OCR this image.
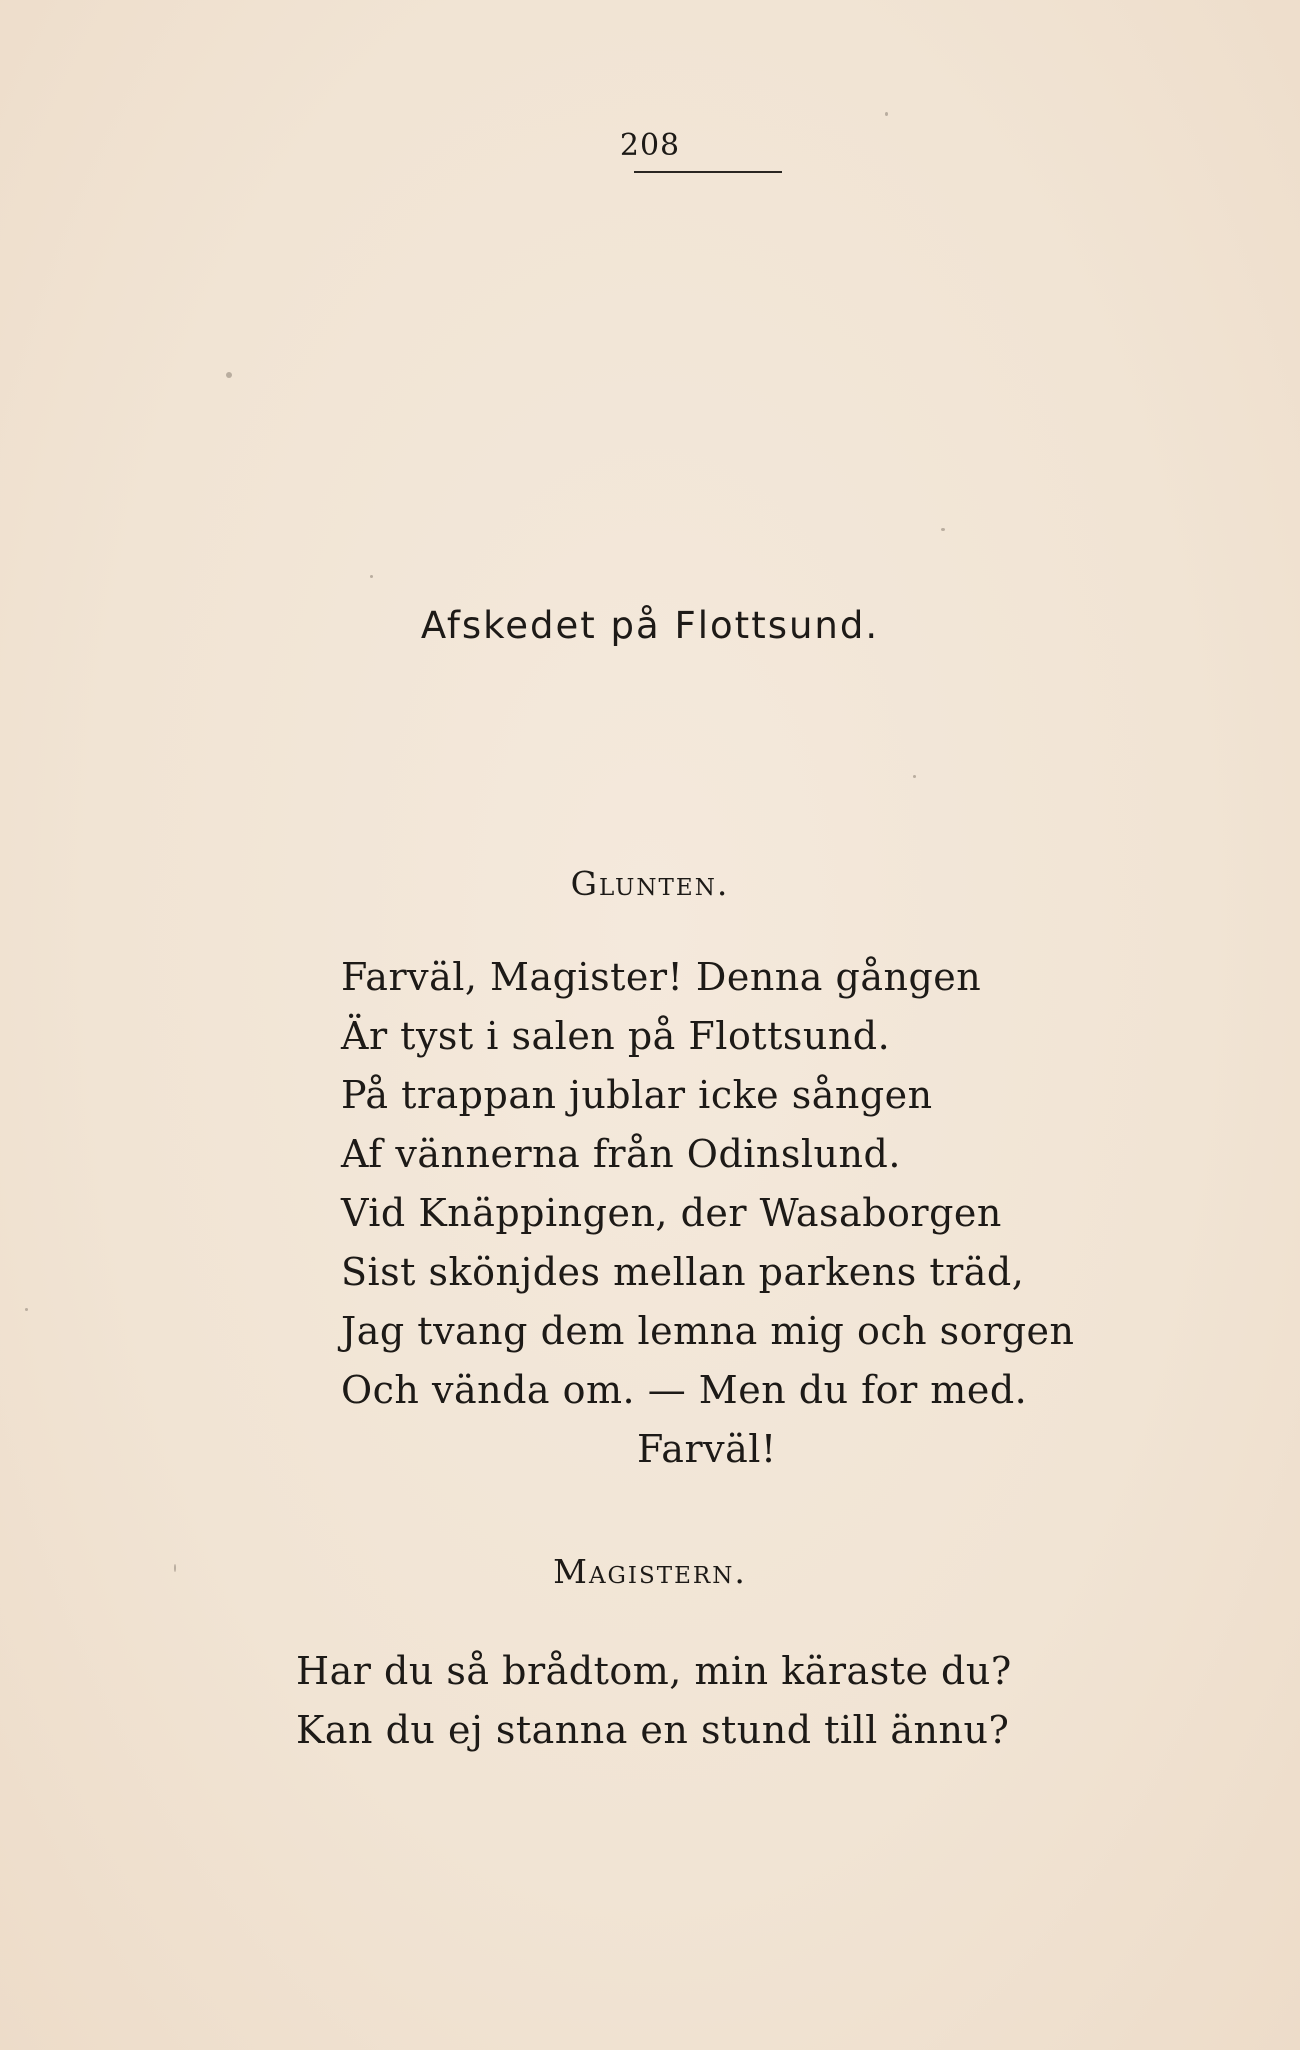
208
Afskedet på Flottsund.
Glunten.
Farväl, Magister! Denna gången
Är tyst i salen på Flottsund.
På trappan jublar icke sången
Af vännerna från Odinslund.
Vid Knäppingen, der Wasaborgen
Sist skönjdes mellan parkens träd,
Jag tvang dem lemna mig och sorgen
Och vända om. — Men du for med.
Farväl!
Magistern.
Har du så brådtom, min käraste du?
Kan du ej stanna en stund till ännu?
